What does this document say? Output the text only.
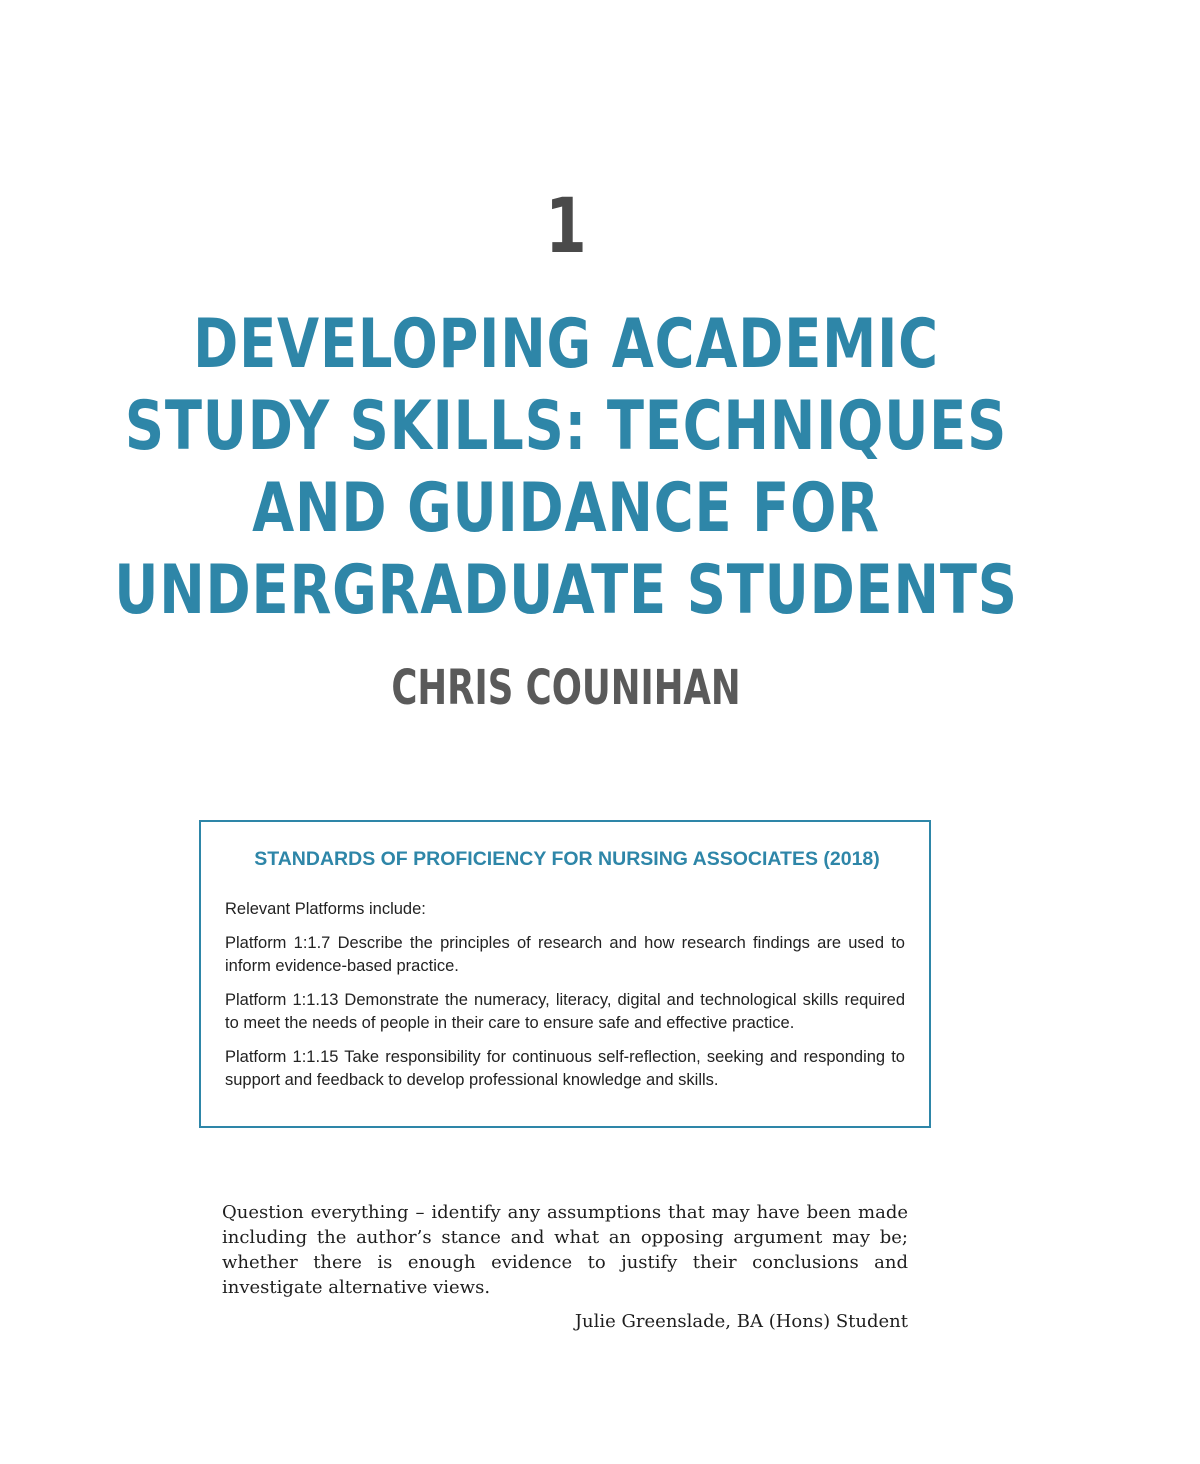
1
DEVELOPING ACADEMIC
STUDY SKILLS: TECHNIQUES
AND GUIDANCE FOR
UNDERGRADUATE STUDENTS
CHRIS COUNIHAN
STANDARDS OF PROFICIENCY FOR NURSING ASSOCIATES (2018)

Relevant Platforms include:

Platform 1:1.7 Describe the principles of research and how research findings are used to inform evidence-based practice.

Platform 1:1.13 Demonstrate the numeracy, literacy, digital and technological skills required to meet the needs of people in their care to ensure safe and effective practice.

Platform 1:1.15 Take responsibility for continuous self-reflection, seeking and responding to support and feedback to develop professional knowledge and skills.

Question everything – identify any assumptions that may have been made including the author’s stance and what an opposing argument may be; whether there is enough evidence to justify their conclusions and investigate alternative views.

Julie Greenslade, BA (Hons) Student
